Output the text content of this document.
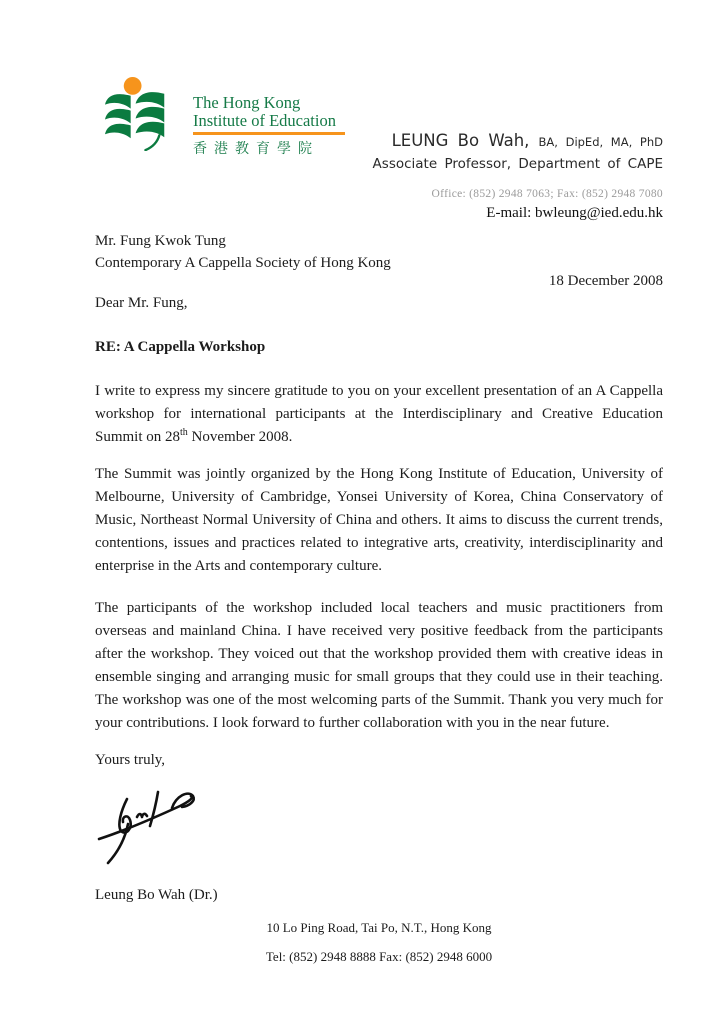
The Hong Kong
Institute of Education
香港教育學院	LEUNG Bo Wah, BA, DipEd, MA, PhD
Associate Professor, Department of CAPE
Office: (852) 2948 7063; Fax: (852) 2948 7080
E-mail: bwleung@ied.edu.hk
Mr. Fung Kwok Tung
Contemporary A Cappella Society of Hong Kong
18 December 2008
Dear Mr. Fung,
RE: A Cappella Workshop
I write to express my sincere gratitude to you on your excellent presentation of an A Cappella workshop for international participants at the Interdisciplinary and Creative Education Summit on 28th November 2008.
The Summit was jointly organized by the Hong Kong Institute of Education, University of Melbourne, University of Cambridge, Yonsei University of Korea, China Conservatory of Music, Northeast Normal University of China and others. It aims to discuss the current trends, contentions, issues and practices related to integrative arts, creativity, interdisciplinarity and enterprise in the Arts and contemporary culture.
The participants of the workshop included local teachers and music practitioners from overseas and mainland China. I have received very positive feedback from the participants after the workshop. They voiced out that the workshop provided them with creative ideas in ensemble singing and arranging music for small groups that they could use in their teaching. The workshop was one of the most welcoming parts of the Summit. Thank you very much for your contributions. I look forward to further collaboration with you in the near future.
Yours truly,
Leung Bo Wah (Dr.)
10 Lo Ping Road, Tai Po, N.T., Hong Kong
Tel: (852) 2948 8888 Fax: (852) 2948 6000
